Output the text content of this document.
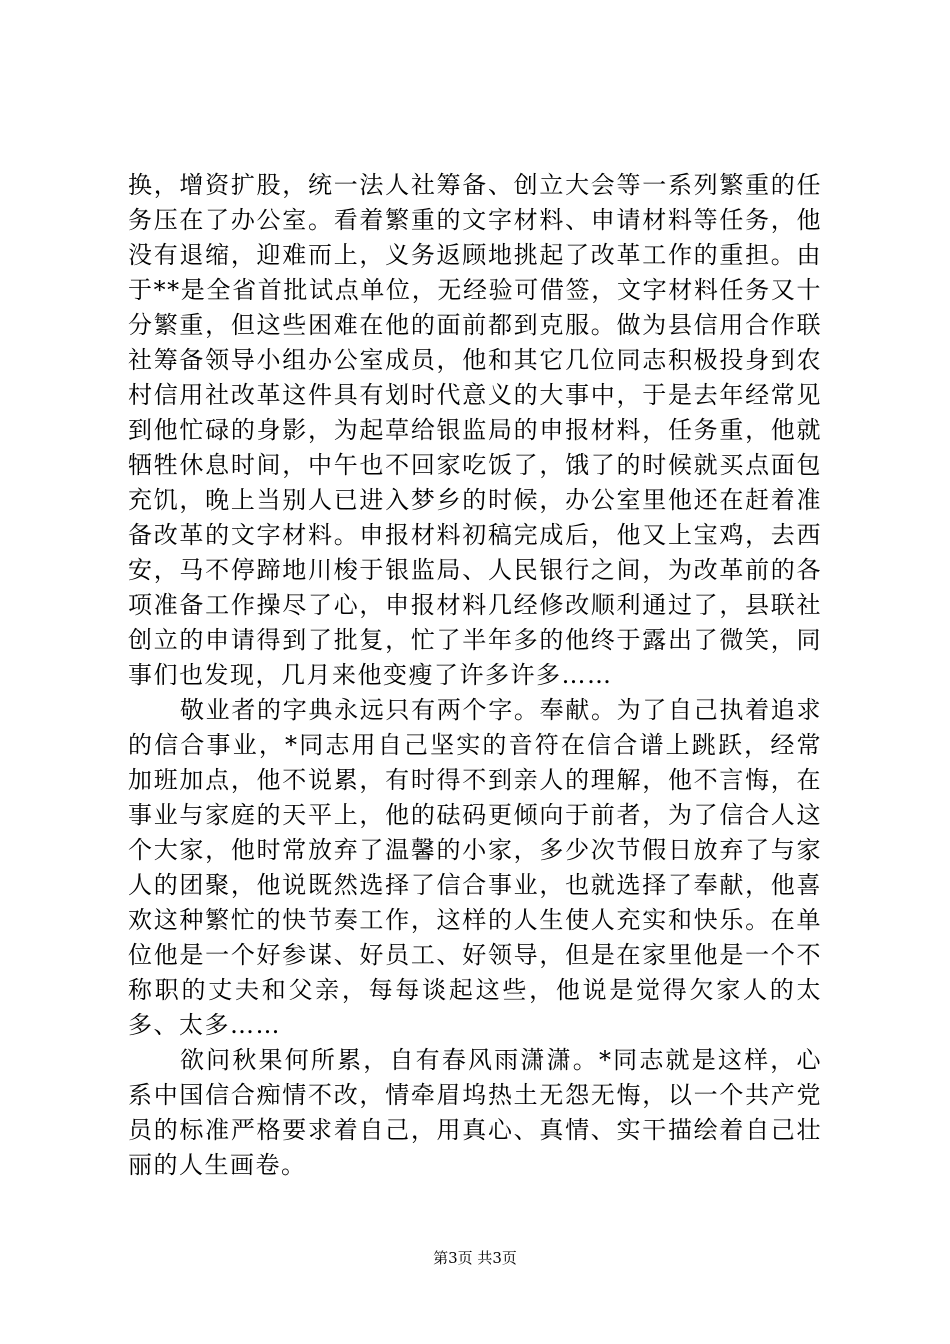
换，增资扩股，统一法人社筹备、创立大会等一系列繁重的任务压在了办公室。看着繁重的文字材料、申请材料等任务，他没有退缩，迎难而上，义务返顾地挑起了改革工作的重担。由于**是全省首批试点单位，无经验可借签，文字材料任务又十分繁重，但这些困难在他的面前都到克服。做为县信用合作联社筹备领导小组办公室成员，他和其它几位同志积极投身到农村信用社改革这件具有划时代意义的大事中，于是去年经常见到他忙碌的身影，为起草给银监局的申报材料，任务重，他就牺牲休息时间，中午也不回家吃饭了，饿了的时候就买点面包充饥，晚上当别人已进入梦乡的时候，办公室里他还在赶着准备改革的文字材料。申报材料初稿完成后，他又上宝鸡，去西安，马不停蹄地川梭于银监局、人民银行之间，为改革前的各项准备工作操尽了心，申报材料几经修改顺利通过了，县联社创立的申请得到了批复，忙了半年多的他终于露出了微笑，同事们也发现，几月来他变瘦了许多许多……

敬业者的字典永远只有两个字。奉献。为了自己执着追求的信合事业，*同志用自己坚实的音符在信合谱上跳跃，经常加班加点，他不说累，有时得不到亲人的理解，他不言悔，在事业与家庭的天平上，他的砝码更倾向于前者，为了信合人这个大家，他时常放弃了温馨的小家，多少次节假日放弃了与家人的团聚，他说既然选择了信合事业，也就选择了奉献，他喜欢这种繁忙的快节奏工作，这样的人生使人充实和快乐。在单位他是一个好参谋、好员工、好领导，但是在家里他是一个不称职的丈夫和父亲，每每谈起这些，他说是觉得欠家人的太多、太多……

欲问秋果何所累，自有春风雨潇潇。*同志就是这样，心系中国信合痴情不改，情牵眉坞热土无怨无悔，以一个共产党员的标准严格要求着自己，用真心、真情、实干描绘着自己壮丽的人生画卷。

第3页 共3页
